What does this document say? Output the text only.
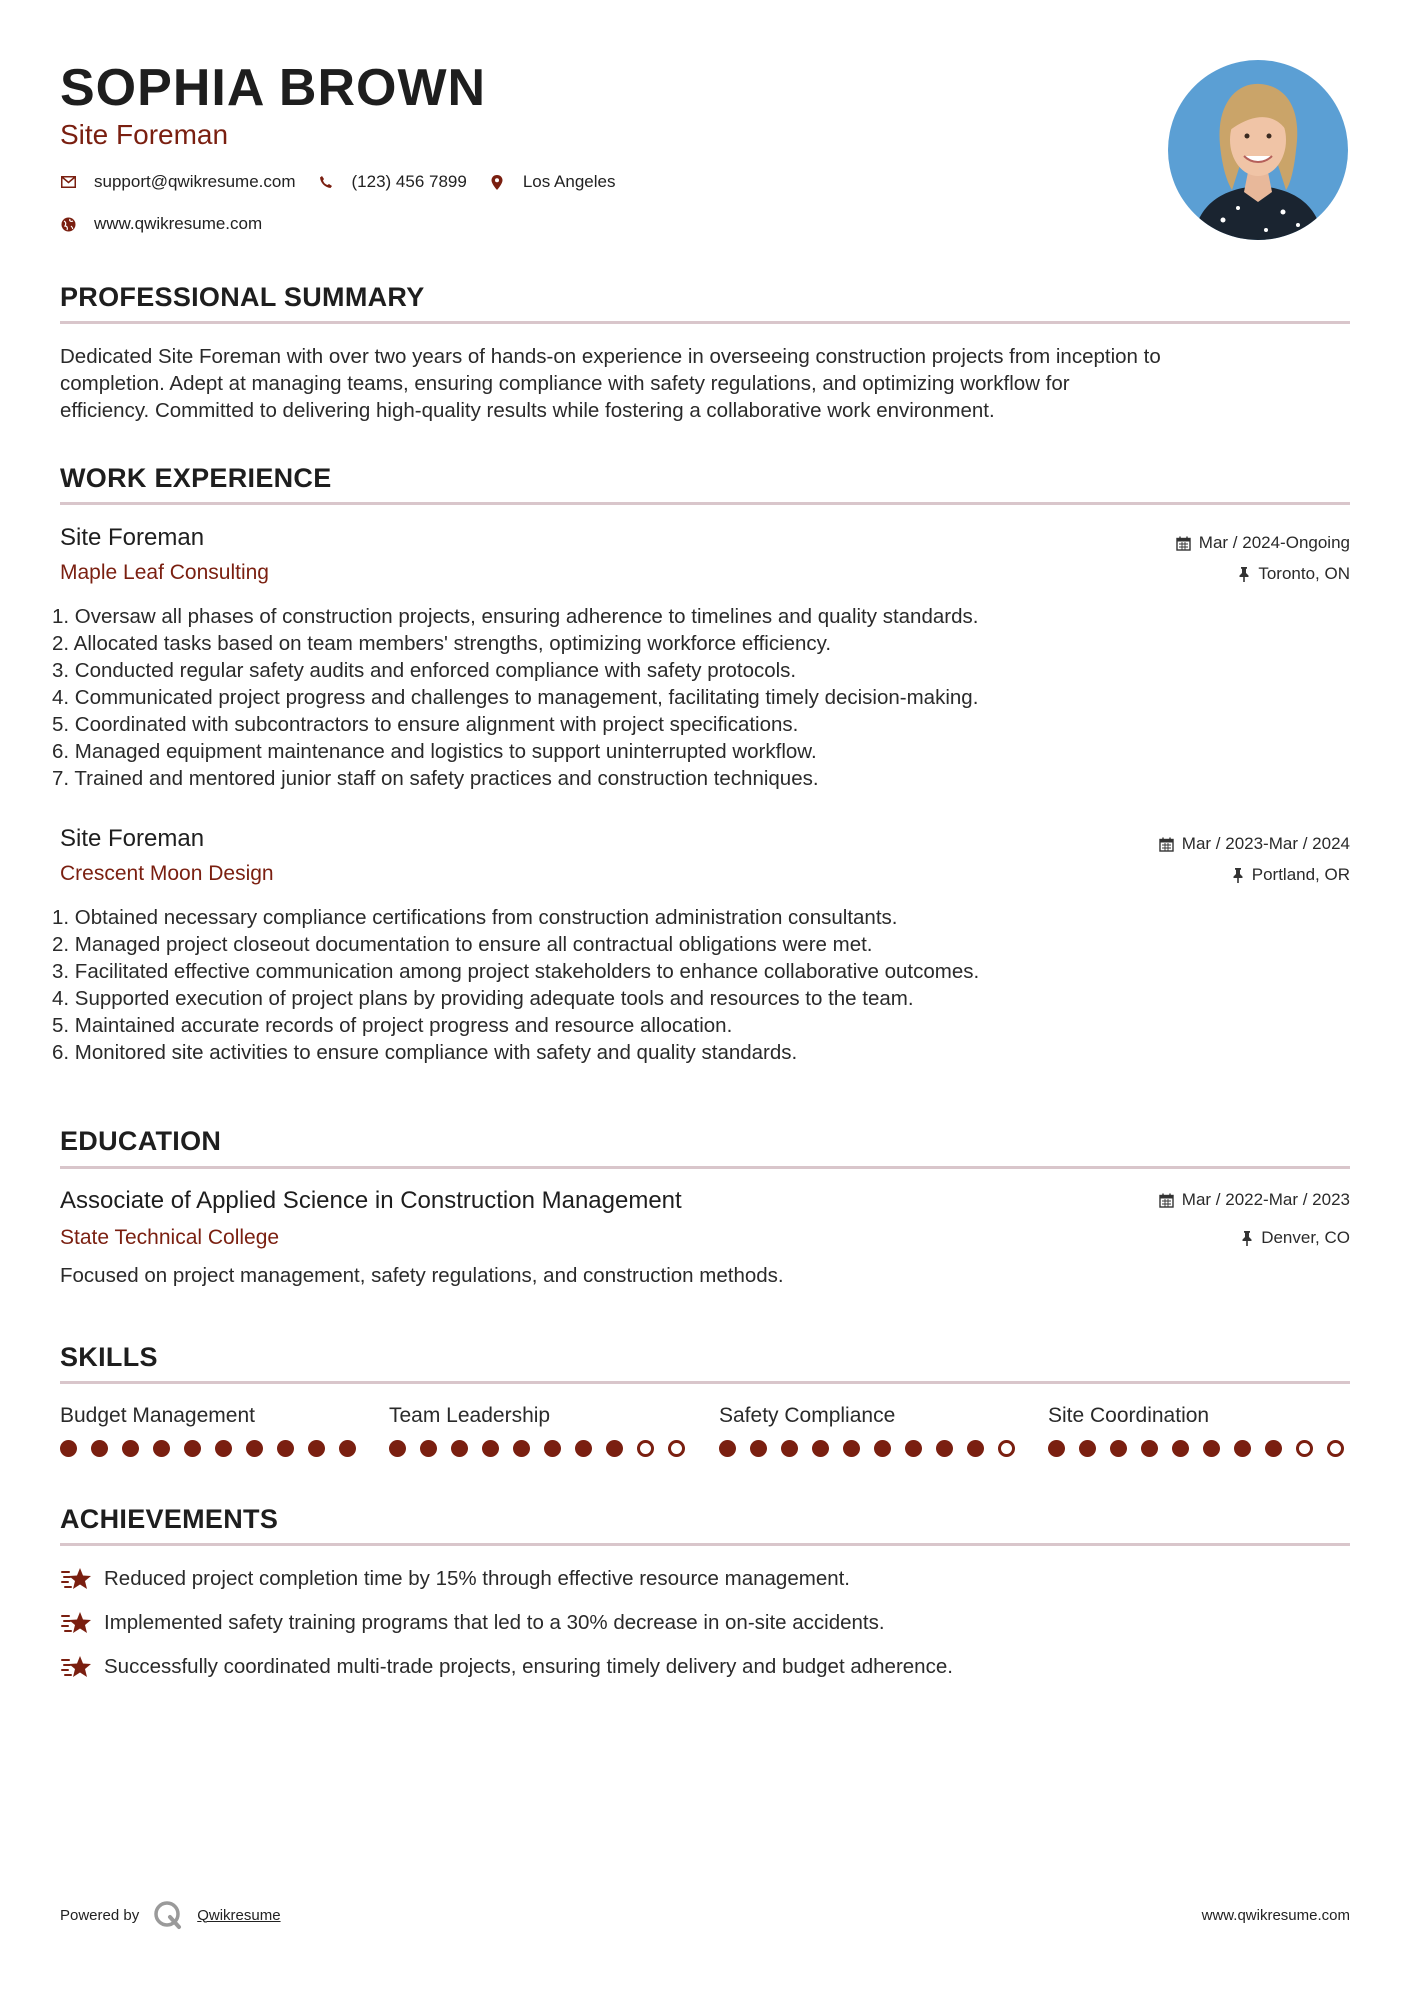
SOPHIA BROWN
Site Foreman
support@qwikresume.com	(123) 456 7899	Los Angeles
www.qwikresume.com
PROFESSIONAL SUMMARY
Dedicated Site Foreman with over two years of hands-on experience in overseeing construction projects from inception to
completion. Adept at managing teams, ensuring compliance with safety regulations, and optimizing workflow for
efficiency. Committed to delivering high-quality results while fostering a collaborative work environment.
WORK EXPERIENCE
Site Foreman
Maple Leaf Consulting
Mar / 2024-Ongoing
Toronto, ON
1. Oversaw all phases of construction projects, ensuring adherence to timelines and quality standards.
2. Allocated tasks based on team members' strengths, optimizing workforce efficiency.
3. Conducted regular safety audits and enforced compliance with safety protocols.
4. Communicated project progress and challenges to management, facilitating timely decision-making.
5. Coordinated with subcontractors to ensure alignment with project specifications.
6. Managed equipment maintenance and logistics to support uninterrupted workflow.
7. Trained and mentored junior staff on safety practices and construction techniques.
Site Foreman
Crescent Moon Design
Mar / 2023-Mar / 2024
Portland, OR
1. Obtained necessary compliance certifications from construction administration consultants.
2. Managed project closeout documentation to ensure all contractual obligations were met.
3. Facilitated effective communication among project stakeholders to enhance collaborative outcomes.
4. Supported execution of project plans by providing adequate tools and resources to the team.
5. Maintained accurate records of project progress and resource allocation.
6. Monitored site activities to ensure compliance with safety and quality standards.
EDUCATION
Associate of Applied Science in Construction Management
State Technical College
Mar / 2022-Mar / 2023
Denver, CO
Focused on project management, safety regulations, and construction methods.
SKILLS
Budget Management	Team Leadership	Safety Compliance	Site Coordination
ACHIEVEMENTS
Reduced project completion time by 15% through effective resource management.
Implemented safety training programs that led to a 30% decrease in on-site accidents.
Successfully coordinated multi-trade projects, ensuring timely delivery and budget adherence.
Powered by	Qwikresume	www.qwikresume.com
